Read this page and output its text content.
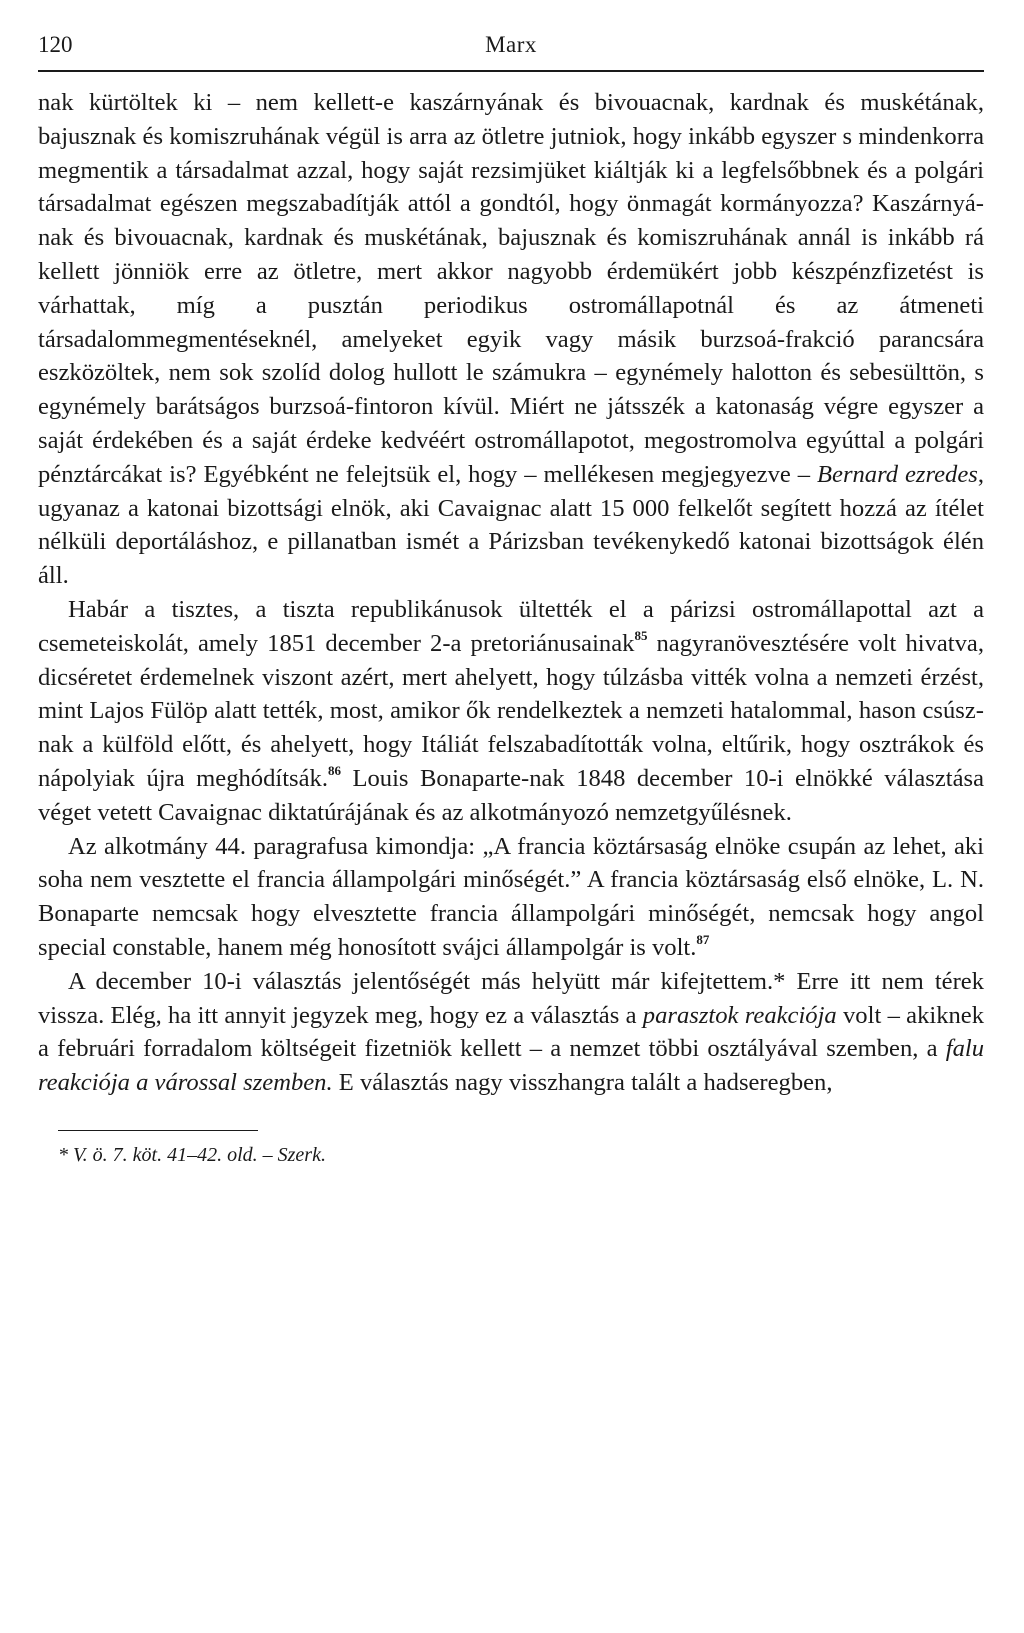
Marx
120

nak kürtöltek ki – nem kellett-e kaszárnyának és bivouacnak, kardnak és muskétának, bajusznak és komiszruhának végül is arra az ötletre jutniok, hogy inkább egyszer s mindenkorra megmentik a társadalmat azzal, hogy saját rezsimjüket kiáltják ki a legfelsőbbnek és a polgári társadalmat egészen megszabadítják attól a gondtól, hogy önmagát kormányozza? Kaszárnyának és bivouacnak, kardnak és muskétának, bajusznak és komiszruhának annál is inkább rá kellett jönniök erre az ötletre, mert akkor nagyobb érdemükért jobb készpénzfizetést is várhattak, míg a pusztán periodikus ostromállapotnál és az átmeneti társadalommegmentéseknél, amelyeket egyik vagy másik burzsoá-frakció parancsára eszközöltek, nem sok szolíd dolog hullott le számukra – egynémely halotton és sebesülttön, s egynémely barátságos burzsoá-fintoron kívül. Miért ne játsszék a katonaság végre egyszer a saját érdekében és a saját érdeke kedvéért ostromállapotot, megostromolva egyúttal a polgári pénztárcákat is? Egyébként ne felejtsük el, hogy – mellékesen megjegyezve – Bernard ezredes, ugyanaz a katonai bizottsági elnök, aki Cavaignac alatt 15 000 felkelőt segített hozzá az ítélet nélküli deportáláshoz, e pillanatban ismét a Párizsban tevékenykedő katonai bizottságok élén áll.

Habár a tisztes, a tiszta republikánusok ültették el a párizsi ostromállapottal azt a csemeteiskolát, amely 1851 december 2-a pretoriánusainak$^{85}$ nagyranövesztésére volt hivatva, dicséretet érdemelnek viszont azért, mert ahelyett, hogy túlzásba vitték volna a nemzeti érzést, mint Lajos Fülöp alatt tették, most, amikor ők rendelkeztek a nemzeti hatalommal, hason csúsznak a külföld előtt, és ahelyett, hogy Itáliát felszabadították volna, eltűrik, hogy osztrákok és nápolyiak újra meghódítsák.$^{86}$ Louis Bonaparte-nak 1848 december 10-i elnökké választása véget vetett Cavaignac diktatúrájának és az alkotmányozó nemzetgyűlésnek.

Az alkotmány 44. paragrafusa kimondja: „A francia köztársaság elnöke csupán az lehet, aki soha nem vesztette el francia állampolgári minőségét.” A francia köztársaság első elnöke, L. N. Bonaparte nemcsak hogy elvesztette francia állampolgári minőségét, nemcsak hogy angol special constable, hanem még honosított svájci állampolgár is volt.$^{87}$

A december 10-i választás jelentőségét más helyütt már kifejtettem.* Erre itt nem térek vissza. Elég, ha itt annyit jegyzek meg, hogy ez a választás a parasztok reakciója volt – akiknek a februári forradalom költségeit fizetniök kellett – a nemzet többi osztályával szemben, a falu reakciója a várossal szemben. E választás nagy visszhangra talált a hadseregben,

* V. ö. 7. köt. 41–42. old. – Szerk.
